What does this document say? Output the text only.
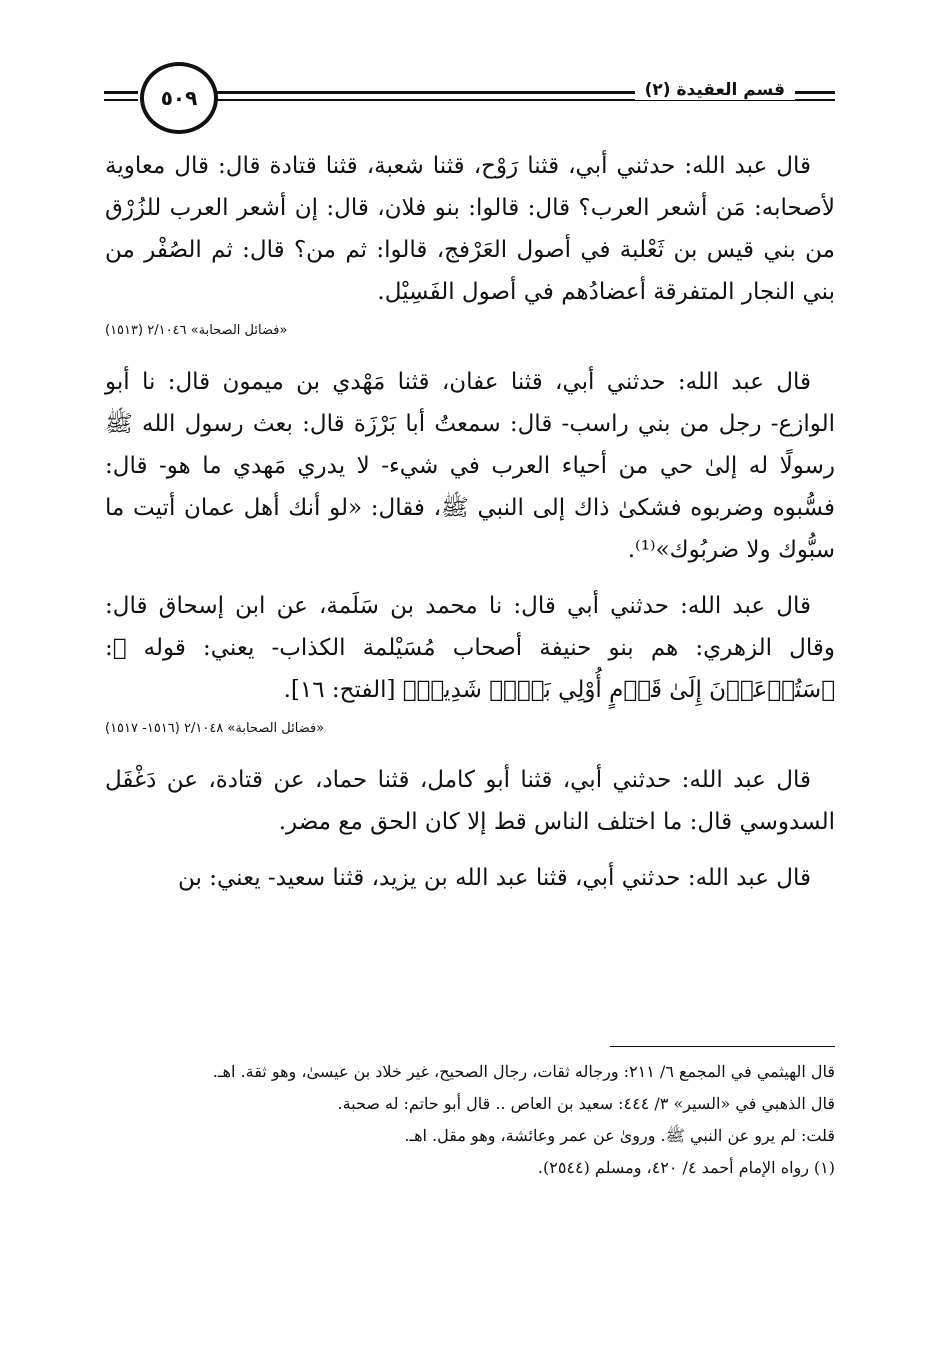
٥٠٩	قسم العقيدة (٢)

قال عبد الله: حدثني أبي، قثنا رَوْح، قثنا شعبة، قثنا قتادة قال: قال معاوية لأصحابه: مَن أشعر العرب؟ قال: قالوا: بنو فلان، قال: إن أشعر العرب للزُرْق من بني قيس بن ثَعْلبة في أصول العَرْفج، قالوا: ثم من؟ قال: ثم الصُفْر من بني النجار المتفرقة أعضادُهم في أصول الفَسِيْل.

«فضائل الصحابة» ٢/١٠٤٦ (١٥١٣)

قال عبد الله: حدثني أبي، قثنا عفان، قثنا مَهْدي بن ميمون قال: نا أبو الوازع- رجل من بني راسب- قال: سمعتُ أبا بَرْزَة قال: بعث رسول الله ﷺ رسولًا له إلىٰ حي من أحياء العرب في شيء- لا يدري مَهدي ما هو- قال: فسُّبوه وضربوه فشكىٰ ذاك إلى النبي ﷺ، فقال: «لو أنك أهل عمان أتيت ما سبُّوك ولا ضربُوك»⁽¹⁾.

قال عبد الله: حدثني أبي قال: نا محمد بن سَلَمة، عن ابن إسحاق قال: وقال الزهري: هم بنو حنيفة أصحاب مُسَيْلمة الكذاب- يعني: قوله ﷻ: ﴿سَتُدۡعَوۡنَ إِلَىٰ قَوۡمٍ أُوْلِي بَأۡسٖ شَدِيدٖ﴾ [الفتح: ١٦].

«فضائل الصحابة» ٢/١٠٤٨ (١٥١٦- ١٥١٧)

قال عبد الله: حدثني أبي، قثنا أبو كامل، قثنا حماد، عن قتادة، عن دَغْفَل السدوسي قال: ما اختلف الناس قط إلا كان الحق مع مضر.

قال عبد الله: حدثني أبي، قثنا عبد الله بن يزيد، قثنا سعيد- يعني: بن

قال الهيثمي في المجمع ٦/ ٢١١: ورجاله ثقات، رجال الصحيح، غير خلاد بن عيسىٰ، وهو ثقة. اهـ.

قال الذهبي في «السير» ٣/ ٤٤٤: سعيد بن العاص .. قال أبو حاتم: له صحبة.

قلت: لم يرو عن النبي ﷺ. وروىٰ عن عمر وعائشة، وهو مقل. اهـ.

(١)رواه الإمام أحمد ٤/ ٤٢٠، ومسلم (٢٥٤٤).
